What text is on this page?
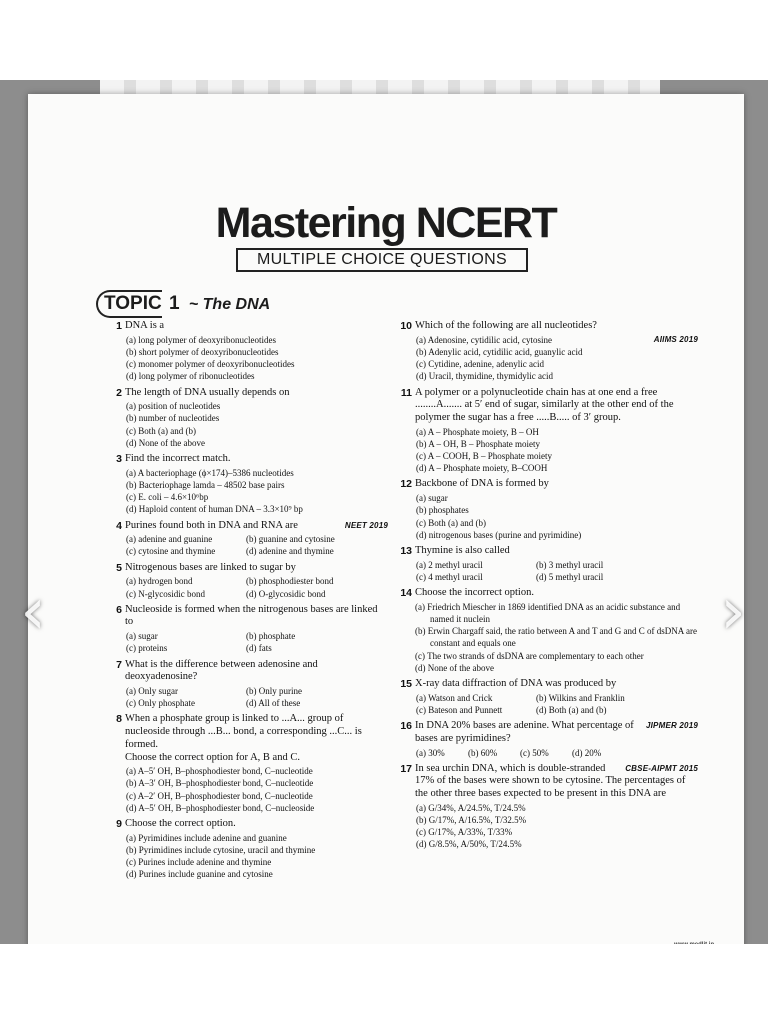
Mastering NCERT
MULTIPLE CHOICE QUESTIONS
TOPIC 1 ~ The DNA
1 DNA is a
(a) long polymer of deoxyribonucleotides
(b) short polymer of deoxyribonucleotides
(c) monomer polymer of deoxyribonucleotides
(d) long polymer of ribonucleotides
2 The length of DNA usually depends on
(a) position of nucleotides
(b) number of nucleotides
(c) Both (a) and (b)
(d) None of the above
3 Find the incorrect match.
(a) A bacteriophage (ϕ×174)–5386 nucleotides
(b) Bacteriophage lamda – 48502 base pairs
(c) E. coli – 4.6×10⁶bp
(d) Haploid content of human DNA – 3.3×10⁹ bp
4	NEET 2019
Purines found both in DNA and RNA are
(a) adenine and guanine	(b) guanine and cytosine
(c) cytosine and thymine	(d) adenine and thymine
5 Nitrogenous bases are linked to sugar by
(a) hydrogen bond	(b) phosphodiester bond
(c) N-glycosidic bond	(d) O-glycosidic bond
6 Nucleoside is formed when the nitrogenous bases are linked to
(a) sugar	(b) phosphate
(c) proteins	(d) fats
7 What is the difference between adenosine and deoxyadenosine?
(a) Only sugar	(b) Only purine
(c) Only phosphate	(d) All of these
8 When a phosphate group is linked to ...A... group of nucleoside through ...B... bond, a corresponding ...C... is formed.
Choose the correct option for A, B and C.
(a) A–5′ OH, B–phosphodiester bond, C–nucleotide
(b) A–3′ OH, B–phosphodiester bond, C–nucleotide
(c) A–2′ OH, B–phosphodiester bond, C–nucleotide
(d) A–5′ OH, B–phosphodiester bond, C–nucleoside
9 Choose the correct option.
(a) Pyrimidines include adenine and guanine
(b) Pyrimidines include cytosine, uracil and thymine
(c) Purines include adenine and thymine
(d) Purines include guanine and cytosine
10 Which of the following are all nucleotides?
AIIMS 2019
(a) Adenosine, cytidilic acid, cytosine
(b) Adenylic acid, cytidilic acid, guanylic acid
(c) Cytidine, adenine, adenylic acid
(d) Uracil, thymidine, thymidylic acid
11 A polymer or a polynucleotide chain has at one end a free ........A....... at 5′ end of sugar, similarly at the other end of the polymer the sugar has a free .....B..... of 3′ group.
(a) A – Phosphate moiety, B – OH
(b) A – OH, B – Phosphate moiety
(c) A – COOH, B – Phosphate moiety
(d) A – Phosphate moiety, B–COOH
12 Backbone of DNA is formed by
(a) sugar
(b) phosphates
(c) Both (a) and (b)
(d) nitrogenous bases (purine and pyrimidine)
13 Thymine is also called
(a) 2 methyl uracil	(b) 3 methyl uracil
(c) 4 methyl uracil	(d) 5 methyl uracil
14 Choose the incorrect option.
(a) Friedrich Miescher in 1869 identified DNA as an acidic substance and named it nuclein
(b) Erwin Chargaff said, the ratio between A and T and G and C of dsDNA are constant and equals one
(c) The two strands of dsDNA are complementary to each other
(d) None of the above
15 X-ray data diffraction of DNA was produced by
(a) Watson and Crick	(b) Wilkins and Franklin
(c) Bateson and Punnett	(d) Both (a) and (b)
16	JIPMER 2019
In DNA 20% bases are adenine. What percentage of bases are pyrimidines?
(a) 30%	(b) 60%	(c) 50%	(d) 20%
17	CBSE-AIPMT 2015
In sea urchin DNA, which is double-stranded 17% of the bases were shown to be cytosine. The percentages of the other three bases expected to be present in this DNA are
(a) G/34%, A/24.5%, T/24.5%
(b) G/17%, A/16.5%, T/32.5%
(c) G/17%, A/33%, T/33%
(d) G/8.5%, A/50%, T/24.5%
‹	›
